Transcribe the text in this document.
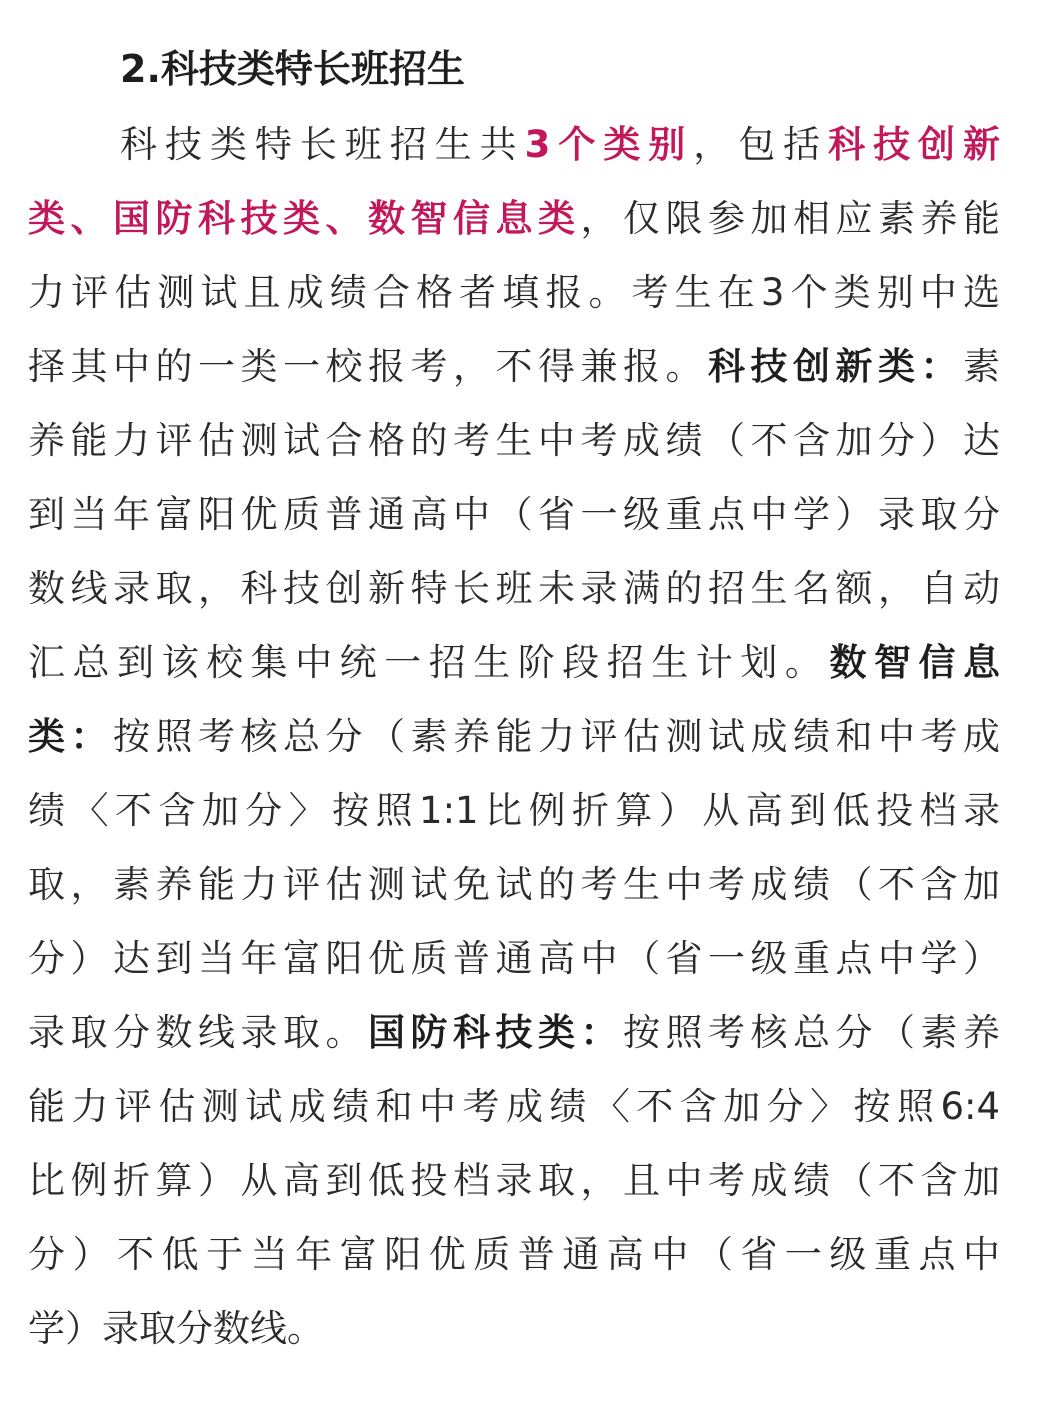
2.科技类特长班招生
科技类特长班招生共3个类别，包括科技创新
类、国防科技类、数智信息类，仅限参加相应素养能
力评估测试且成绩合格者填报。考生在3个类别中选
择其中的一类一校报考，不得兼报。科技创新类：素
养能力评估测试合格的考生中考成绩（不含加分）达
到当年富阳优质普通高中（省一级重点中学）录取分
数线录取，科技创新特长班未录满的招生名额，自动
汇总到该校集中统一招生阶段招生计划。数智信息
类：按照考核总分（素养能力评估测试成绩和中考成
绩〈不含加分〉按照1:1比例折算）从高到低投档录
取，素养能力评估测试免试的考生中考成绩（不含加
分）达到当年富阳优质普通高中（省一级重点中学）
录取分数线录取。国防科技类：按照考核总分（素养
能力评估测试成绩和中考成绩〈不含加分〉按照6:4
比例折算）从高到低投档录取，且中考成绩（不含加
分）不低于当年富阳优质普通高中（省一级重点中
学）录取分数线。
